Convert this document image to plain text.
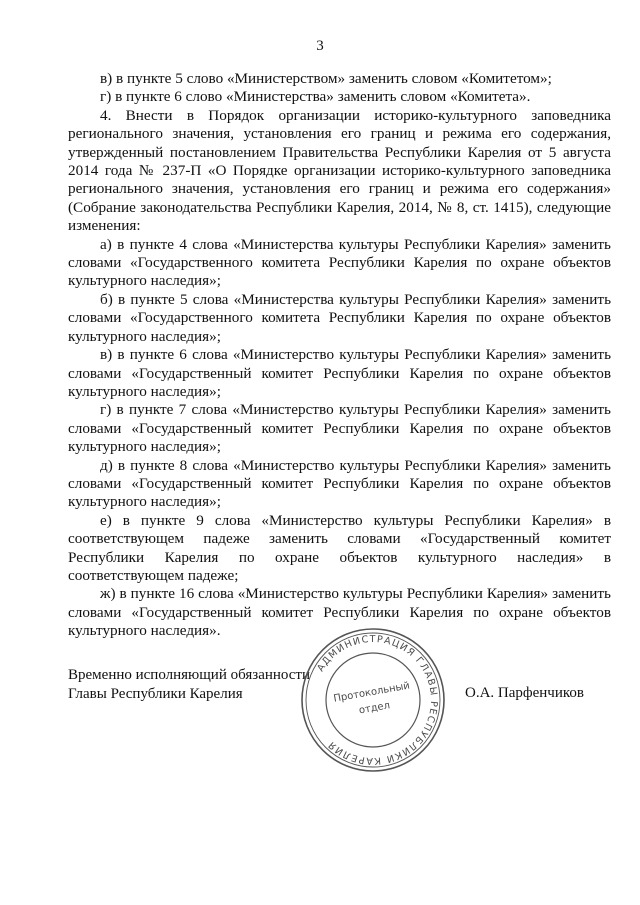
3

в) в пункте 5 слово «Министерством» заменить словом «Комитетом»;

г) в пункте 6 слово «Министерства» заменить словом «Комитета».

4. Внести в Порядок организации историко-культурного заповедника регионального значения, установления его границ и режима его содержания, утвержденный постановлением Правительства Республики Карелия от 5 августа 2014 года № 237-П «О Порядке организации историко-культурного заповедника регионального значения, установления его границ и режима его содержания» (Собрание законодательства Республики Карелия, 2014, № 8, ст. 1415), следующие изменения:

а) в пункте 4 слова «Министерства культуры Республики Карелия» заменить словами «Государственного комитета Республики Карелия по охране объектов культурного наследия»;

б) в пункте 5 слова «Министерства культуры Республики Карелия» заменить словами «Государственного комитета Республики Карелия по охране объектов культурного наследия»;

в) в пункте 6 слова «Министерство культуры Республики Карелия» заменить словами «Государственный комитет Республики Карелия по охране объектов культурного наследия»;

г) в пункте 7 слова «Министерство культуры Республики Карелия» заменить словами «Государственный комитет Республики Карелия по охране объектов культурного наследия»;

д) в пункте 8 слова «Министерство культуры Республики Карелия» заменить словами «Государственный комитет Республики Карелия по охране объектов культурного наследия»;

е) в пункте 9 слова «Министерство культуры Республики Карелия» в соответствующем падеже заменить словами «Государственный комитет Республики Карелия по охране объектов культурного наследия» в соответствующем падеже;

ж) в пункте 16 слова «Министерство культуры Республики Карелия» заменить словами «Государственный комитет Республики Карелия по охране объектов культурного наследия».

Временно исполняющий обязанности
Главы Республики Карелия	О.А. Парфенчиков
АДМИНИСТРАЦИЯ ГЛАВЫ РЕСПУБЛИКИ КАРЕЛИЯ
Протокольный
отдел
